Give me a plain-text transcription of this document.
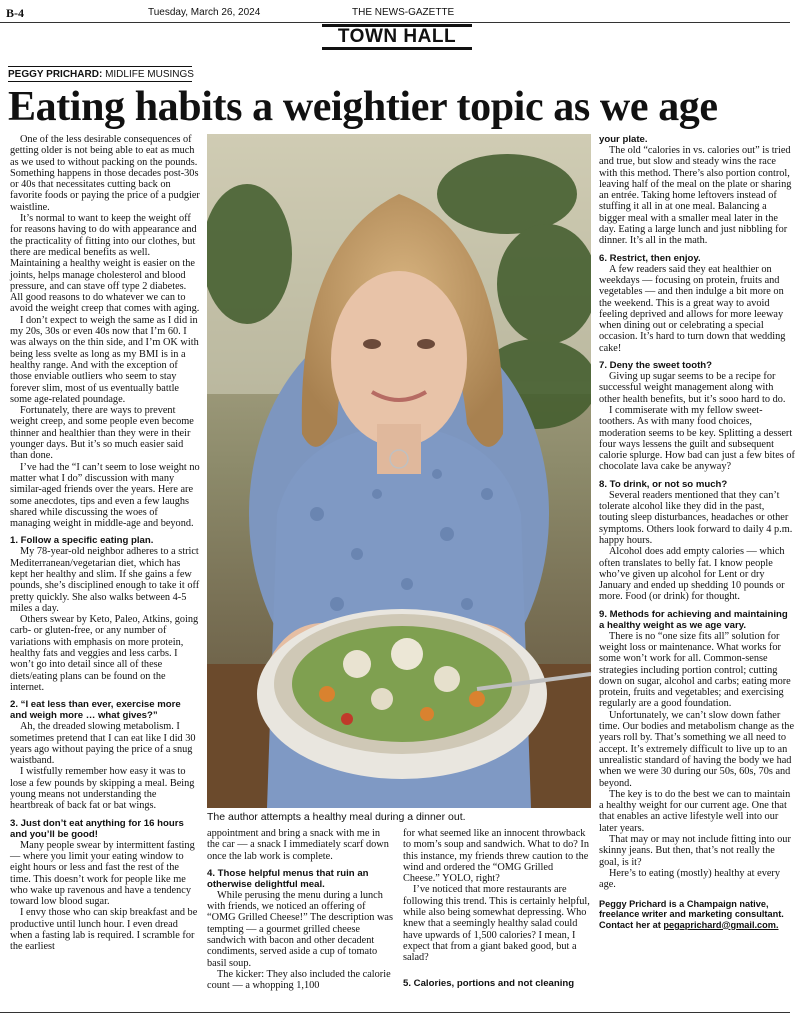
B-4	Tuesday, March 26, 2024	THE NEWS-GAZETTE
TOWN HALL
PEGGY PRICHARD: MIDLIFE MUSINGS
Eating habits a weightier topic as we age

One of the less desirable consequences of getting older is not being able to eat as much as we used to without packing on the pounds. Something happens in those decades post-30s or 40s that necessitates cutting back on favorite foods or paying the price of a pudgier waistline.

It’s normal to want to keep the weight off for reasons having to do with appearance and the practicality of fitting into our clothes, but there are medical benefits as well. Maintaining a healthy weight is easier on the joints, helps manage cholesterol and blood pressure, and can stave off type 2 diabetes. All good reasons to do whatever we can to avoid the weight creep that comes with aging.

I don’t expect to weigh the same as I did in my 20s, 30s or even 40s now that I’m 60. I was always on the thin side, and I’m OK with being less svelte as long as my BMI is in a healthy range. And with the exception of those enviable outliers who seem to stay forever slim, most of us eventually battle some age-related poundage.

Fortunately, there are ways to prevent weight creep, and some people even become thinner and healthier than they were in their younger days. But it’s so much easier said than done.

I’ve had the “I can’t seem to lose weight no matter what I do” discussion with many similar-aged friends over the years. Here are some anecdotes, tips and even a few laughs shared while discussing the woes of managing weight in middle-age and beyond.

1. Follow a specific eating plan.

My 78-year-old neighbor adheres to a strict Mediterranean/vegetarian diet, which has kept her healthy and slim. If she gains a few pounds, she’s disciplined enough to take it off pretty quickly. She also walks between 4-5 miles a day.

Others swear by Keto, Paleo, Atkins, going carb- or gluten-free, or any number of variations with emphasis on more protein, healthy fats and veggies and less carbs. I won’t go into detail since all of these diets/eating plans can be found on the internet.

2. “I eat less than ever, exercise more and weigh more … what gives?”

Ah, the dreaded slowing metabolism. I sometimes pretend that I can eat like I did 30 years ago without paying the price of a snug waistband.

I wistfully remember how easy it was to lose a few pounds by skipping a meal. Being young means not understanding the heartbreak of back fat or bat wings.

3. Just don’t eat anything for 16 hours and you’ll be good!

Many people swear by intermittent fasting — where you limit your eating window to eight hours or less and fast the rest of the time. This doesn’t work for people like me who wake up ravenous and have a tendency toward low blood sugar.

I envy those who can skip breakfast and be productive until lunch hour. I even dread when a fasting lab is required. I scramble for the earliest

The author attempts a healthy meal during a dinner out.

appointment and bring a snack with me in the car — a snack I immediately scarf down once the lab work is complete.

4. Those helpful menus that ruin an otherwise delightful meal.

While perusing the menu during a lunch with friends, we noticed an offering of “OMG Grilled Cheese!” The description was tempting — a gourmet grilled cheese sandwich with bacon and other decadent condiments, served aside a cup of tomato basil soup.

The kicker: They also included the calorie count — a whopping 1,100

for what seemed like an innocent throwback to mom’s soup and sandwich. What to do? In this instance, my friends threw caution to the wind and ordered the “OMG Grilled Cheese.” YOLO, right?

I’ve noticed that more restaurants are following this trend. This is certainly helpful, while also being somewhat depressing. Who knew that a seemingly healthy salad could have upwards of 1,500 calories? I mean, I expect that from a giant baked good, but a salad?

5. Calories, portions and not cleaning
your plate.

The old “calories in vs. calories out” is tried and true, but slow and steady wins the race with this method. There’s also portion control, leaving half of the meal on the plate or sharing an entrée. Taking home leftovers instead of stuffing it all in at one meal. Balancing a bigger meal with a smaller meal later in the day. Eating a large lunch and just nibbling for dinner. It’s all in the math.

6. Restrict, then enjoy.

A few readers said they eat healthier on weekdays — focusing on protein, fruits and vegetables — and then indulge a bit more on the weekend. This is a great way to avoid feeling deprived and allows for more leeway when dining out or celebrating a special occasion. It’s hard to turn down that wedding cake!

7. Deny the sweet tooth?

Giving up sugar seems to be a recipe for successful weight management along with other health benefits, but it’s sooo hard to do.

I commiserate with my fellow sweet-toothers. As with many food choices, moderation seems to be key. Splitting a dessert four ways lessens the guilt and subsequent calorie splurge. How bad can just a few bites of chocolate lava cake be anyway?

8. To drink, or not so much?

Several readers mentioned that they can’t tolerate alcohol like they did in the past, touting sleep disturbances, headaches or other symptoms. Others look forward to daily 4 p.m. happy hours.

Alcohol does add empty calories — which often translates to belly fat. I know people who’ve given up alcohol for Lent or dry January and ended up shedding 10 pounds or more. Food (or drink) for thought.

9. Methods for achieving and maintaining a healthy weight as we age vary.

There is no “one size fits all” solution for weight loss or maintenance. What works for some won’t work for all. Common-sense strategies including portion control; cutting down on sugar, alcohol and carbs; eating more protein, fruits and vegetables; and exercising regularly are a good foundation.

Unfortunately, we can’t slow down father time. Our bodies and metabolism change as the years roll by. That’s something we all need to accept. It’s extremely difficult to live up to an unrealistic standard of having the body we had when we were 30 during our 50s, 60s, 70s and beyond.

The key is to do the best we can to maintain a healthy weight for our current age. One that that enables an active lifestyle well into our later years.

That may or may not include fitting into our skinny jeans. But then, that’s not really the goal, is it?

Here’s to eating (mostly) healthy at every age.

Peggy Prichard is a Champaign native, freelance writer and marketing consultant. Contact her at pegaprichard@gmail.com.
